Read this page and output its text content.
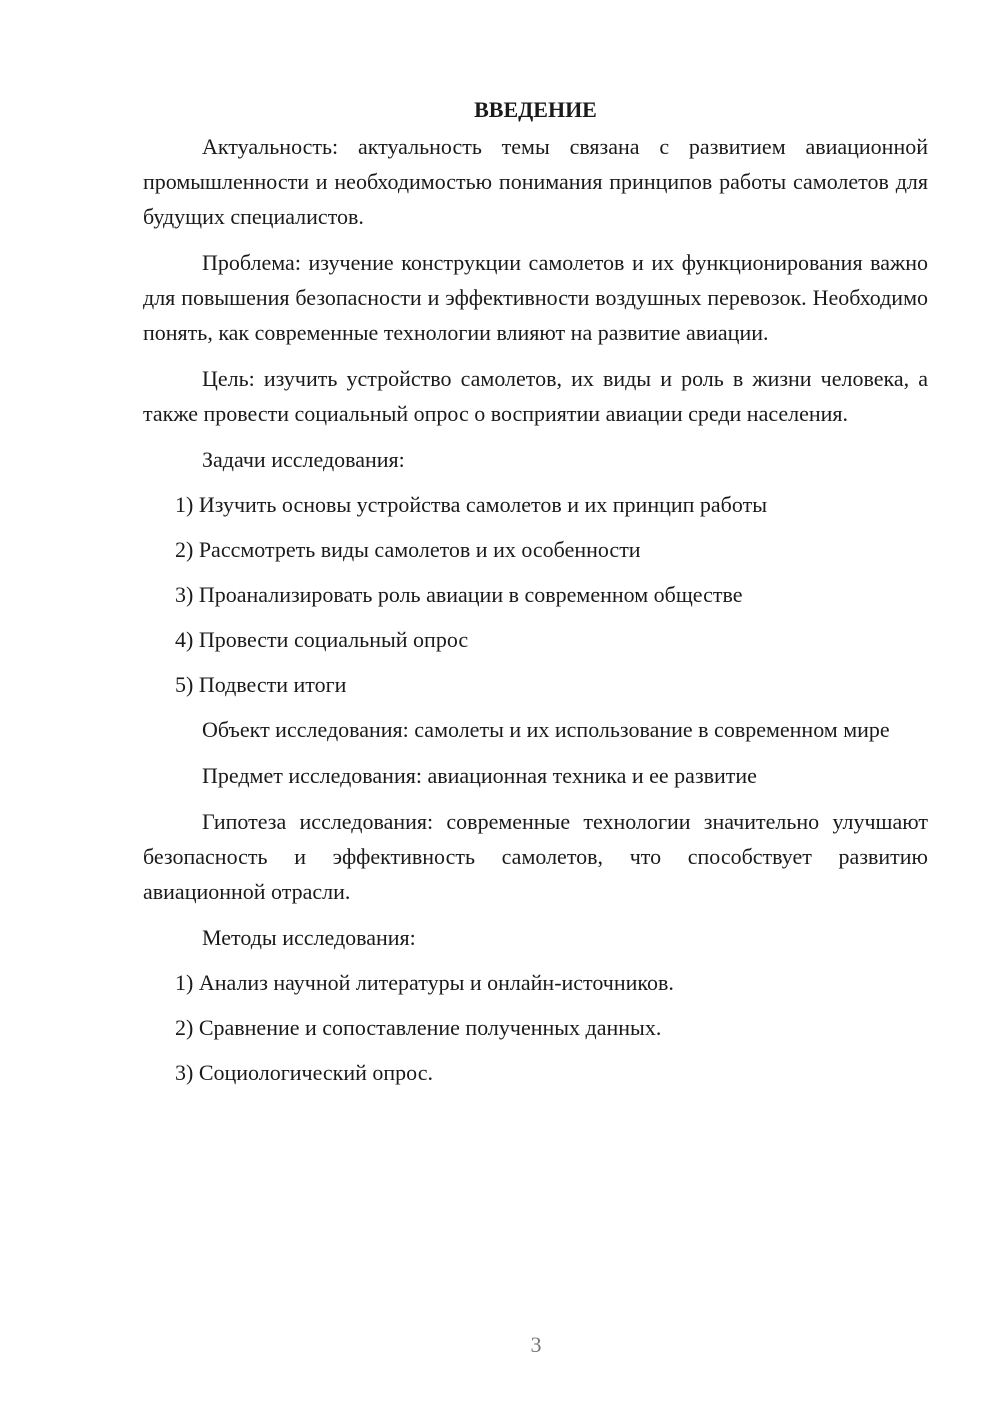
ВВЕДЕНИЕ

Актуальность: актуальность темы связана с развитием авиационной промышленности и необходимостью понимания принципов работы самолетов для будущих специалистов.

Проблема: изучение конструкции самолетов и их функционирования важно для повышения безопасности и эффективности воздушных перевозок. Необходимо понять, как современные технологии влияют на развитие авиации.

Цель: изучить устройство самолетов, их виды и роль в жизни человека, а также провести социальный опрос о восприятии авиации среди населения.

Задачи исследования:

1) Изучить основы устройства самолетов и их принцип работы

2) Рассмотреть виды самолетов и их особенности

3) Проанализировать роль авиации в современном обществе

4) Провести социальный опрос

5) Подвести итоги

Объект исследования: самолеты и их использование в современном мире

Предмет исследования: авиационная техника и ее развитие

Гипотеза исследования: современные технологии значительно улучшают безопасность и эффективность самолетов, что способствует развитию авиационной отрасли.

Методы исследования:

1) Анализ научной литературы и онлайн-источников.

2) Сравнение и сопоставление полученных данных.

3) Социологический опрос.

3
